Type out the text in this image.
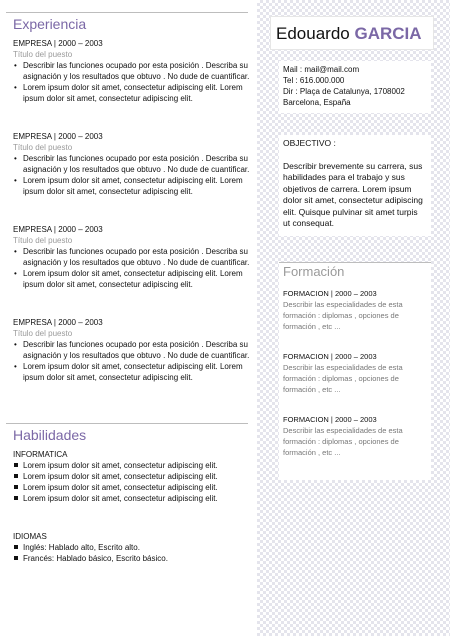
Experiencia
EMPRESA | 2000 – 2003
Título del puesto
• Describir las funciones ocupado por esta posición . Describa su asignación y los resultados que obtuvo . No dude de cuantificar.
• Lorem ipsum dolor sit amet, consectetur adipiscing elit. Lorem ipsum dolor sit amet, consectetur adipiscing elit.
EMPRESA | 2000 – 2003
Título del puesto
• Describir las funciones ocupado por esta posición . Describa su asignación y los resultados que obtuvo . No dude de cuantificar.
• Lorem ipsum dolor sit amet, consectetur adipiscing elit. Lorem ipsum dolor sit amet, consectetur adipiscing elit.
EMPRESA | 2000 – 2003
Título del puesto
• Describir las funciones ocupado por esta posición . Describa su asignación y los resultados que obtuvo . No dude de cuantificar.
• Lorem ipsum dolor sit amet, consectetur adipiscing elit. Lorem ipsum dolor sit amet, consectetur adipiscing elit.
EMPRESA | 2000 – 2003
Título del puesto
• Describir las funciones ocupado por esta posición . Describa su asignación y los resultados que obtuvo . No dude de cuantificar.
• Lorem ipsum dolor sit amet, consectetur adipiscing elit. Lorem ipsum dolor sit amet, consectetur adipiscing elit.
Habilidades
INFORMATICA
Lorem ipsum dolor sit amet, consectetur adipiscing elit.
Lorem ipsum dolor sit amet, consectetur adipiscing elit.
Lorem ipsum dolor sit amet, consectetur adipiscing elit.
Lorem ipsum dolor sit amet, consectetur adipiscing elit.
IDIOMAS
Inglés: Hablado alto, Escrito alto.
Francés: Hablado básico, Escrito básico.
Edouardo GARCIA
Mail : mail@mail.com
Tel : 616.000.000
Dir : Plaça de Catalunya, 1708002
Barcelona, España
OBJECTIVO :
Describir brevemente su carrera, sus habilidades para el trabajo y sus objetivos de carrera. Lorem ipsum dolor sit amet, consectetur adipiscing elit. Quisque pulvinar sit amet turpis ut consequat.
Formación
FORMACION | 2000 – 2003
Describir las especialidades de esta formación : diplomas , opciones de formación , etc ...
FORMACION | 2000 – 2003
Describir las especialidades de esta formación : diplomas , opciones de formación , etc ...
FORMACION | 2000 – 2003
Describir las especialidades de esta formación : diplomas , opciones de formación , etc ...
